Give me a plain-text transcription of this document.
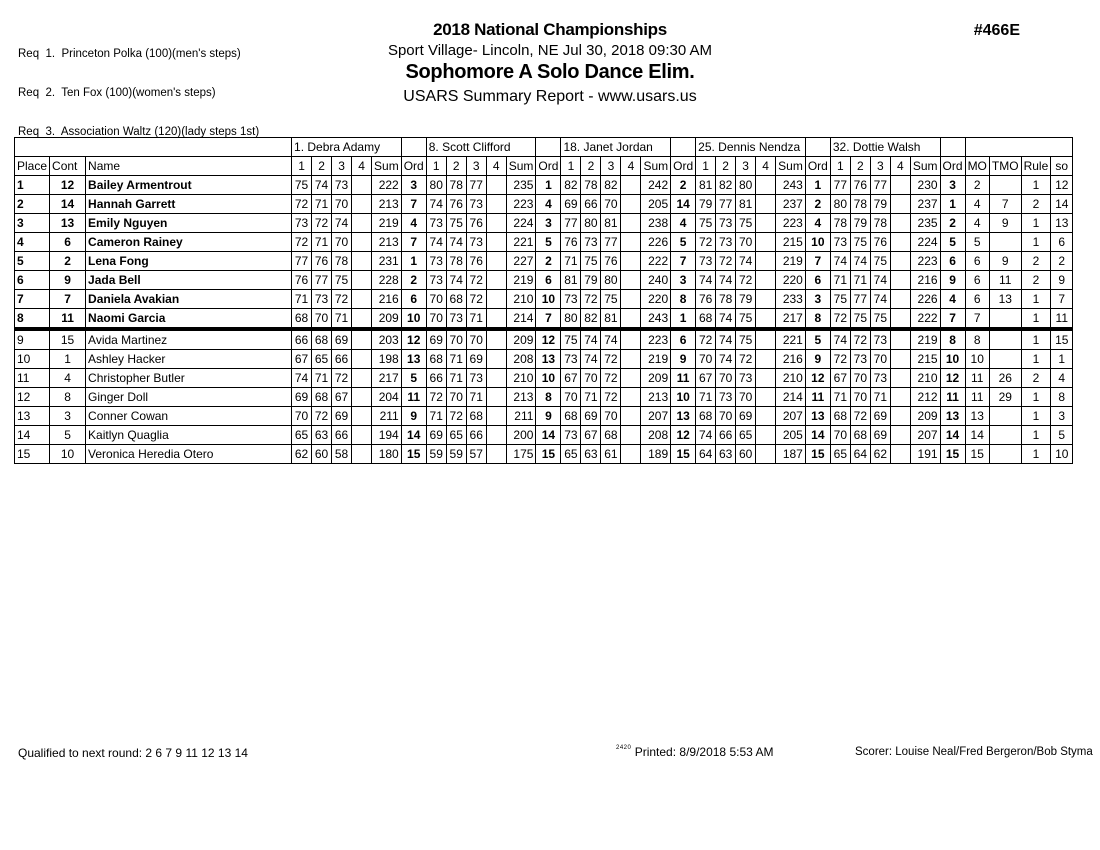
Req  1.  Princeton Polka (100)(men's steps)

Req  2.  Ten Fox (100)(women's steps)

Req  3.  Association Waltz (120)(lady steps 1st)

2018 National Championships
Sport Village- Lincoln, NE Jul 30, 2018 09:30 AM
Sophomore A Solo Dance Elim.
USARS Summary Report - www.usars.us
#466E
			1. Debra Adamy						8. Scott Clifford						18. Janet Jordan						25. Dennis Nendza						32. Dottie Walsh									
Place	Cont	Name	1	2	3	4	Sum	Ord	1	2	3	4	Sum	Ord	1	2	3	4	Sum	Ord	1	2	3	4	Sum	Ord	1	2	3	4	Sum	Ord	MO	TMO	Rule	so
1	12	Bailey Armentrout	75	74	73		222	3	80	78	77		235	1	82	78	82		242	2	81	82	80		243	1	77	76	77		230	3	2		1	12
2	14	Hannah Garrett	72	71	70		213	7	74	76	73		223	4	69	66	70		205	14	79	77	81		237	2	80	78	79		237	1	4	7	2	14
3	13	Emily Nguyen	73	72	74		219	4	73	75	76		224	3	77	80	81		238	4	75	73	75		223	4	78	79	78		235	2	4	9	1	13
4	6	Cameron Rainey	72	71	70		213	7	74	74	73		221	5	76	73	77		226	5	72	73	70		215	10	73	75	76		224	5	5		1	6
5	2	Lena Fong	77	76	78		231	1	73	78	76		227	2	71	75	76		222	7	73	72	74		219	7	74	74	75		223	6	6	9	2	2
6	9	Jada Bell	76	77	75		228	2	73	74	72		219	6	81	79	80		240	3	74	74	72		220	6	71	71	74		216	9	6	11	2	9
7	7	Daniela Avakian	71	73	72		216	6	70	68	72		210	10	73	72	75		220	8	76	78	79		233	3	75	77	74		226	4	6	13	1	7
8	11	Naomi Garcia	68	70	71		209	10	70	73	71		214	7	80	82	81		243	1	68	74	75		217	8	72	75	75		222	7	7		1	11
9	15	Avida Martinez	66	68	69		203	12	69	70	70		209	12	75	74	74		223	6	72	74	75		221	5	74	72	73		219	8	8		1	15
10	1	Ashley Hacker	67	65	66		198	13	68	71	69		208	13	73	74	72		219	9	70	74	72		216	9	72	73	70		215	10	10		1	1
11	4	Christopher Butler	74	71	72		217	5	66	71	73		210	10	67	70	72		209	11	67	70	73		210	12	67	70	73		210	12	11	26	2	4
12	8	Ginger Doll	69	68	67		204	11	72	70	71		213	8	70	71	72		213	10	71	73	70		214	11	71	70	71		212	11	11	29	1	8
13	3	Conner Cowan	70	72	69		211	9	71	72	68		211	9	68	69	70		207	13	68	70	69		207	13	68	72	69		209	13	13		1	3
14	5	Kaitlyn Quaglia	65	63	66		194	14	69	65	66		200	14	73	67	68		208	12	74	66	65		205	14	70	68	69		207	14	14		1	5
15	10	Veronica Heredia Otero	62	60	58		180	15	59	59	57		175	15	65	63	61		189	15	64	63	60		187	15	65	64	62		191	15	15		1	10
Qualified to next round: 2 6 7 9 11 12 13 14	$^{2420}$ Printed: 8/9/2018 5:53 AM	Scorer: Louise Neal/Fred Bergeron/Bob Styma
